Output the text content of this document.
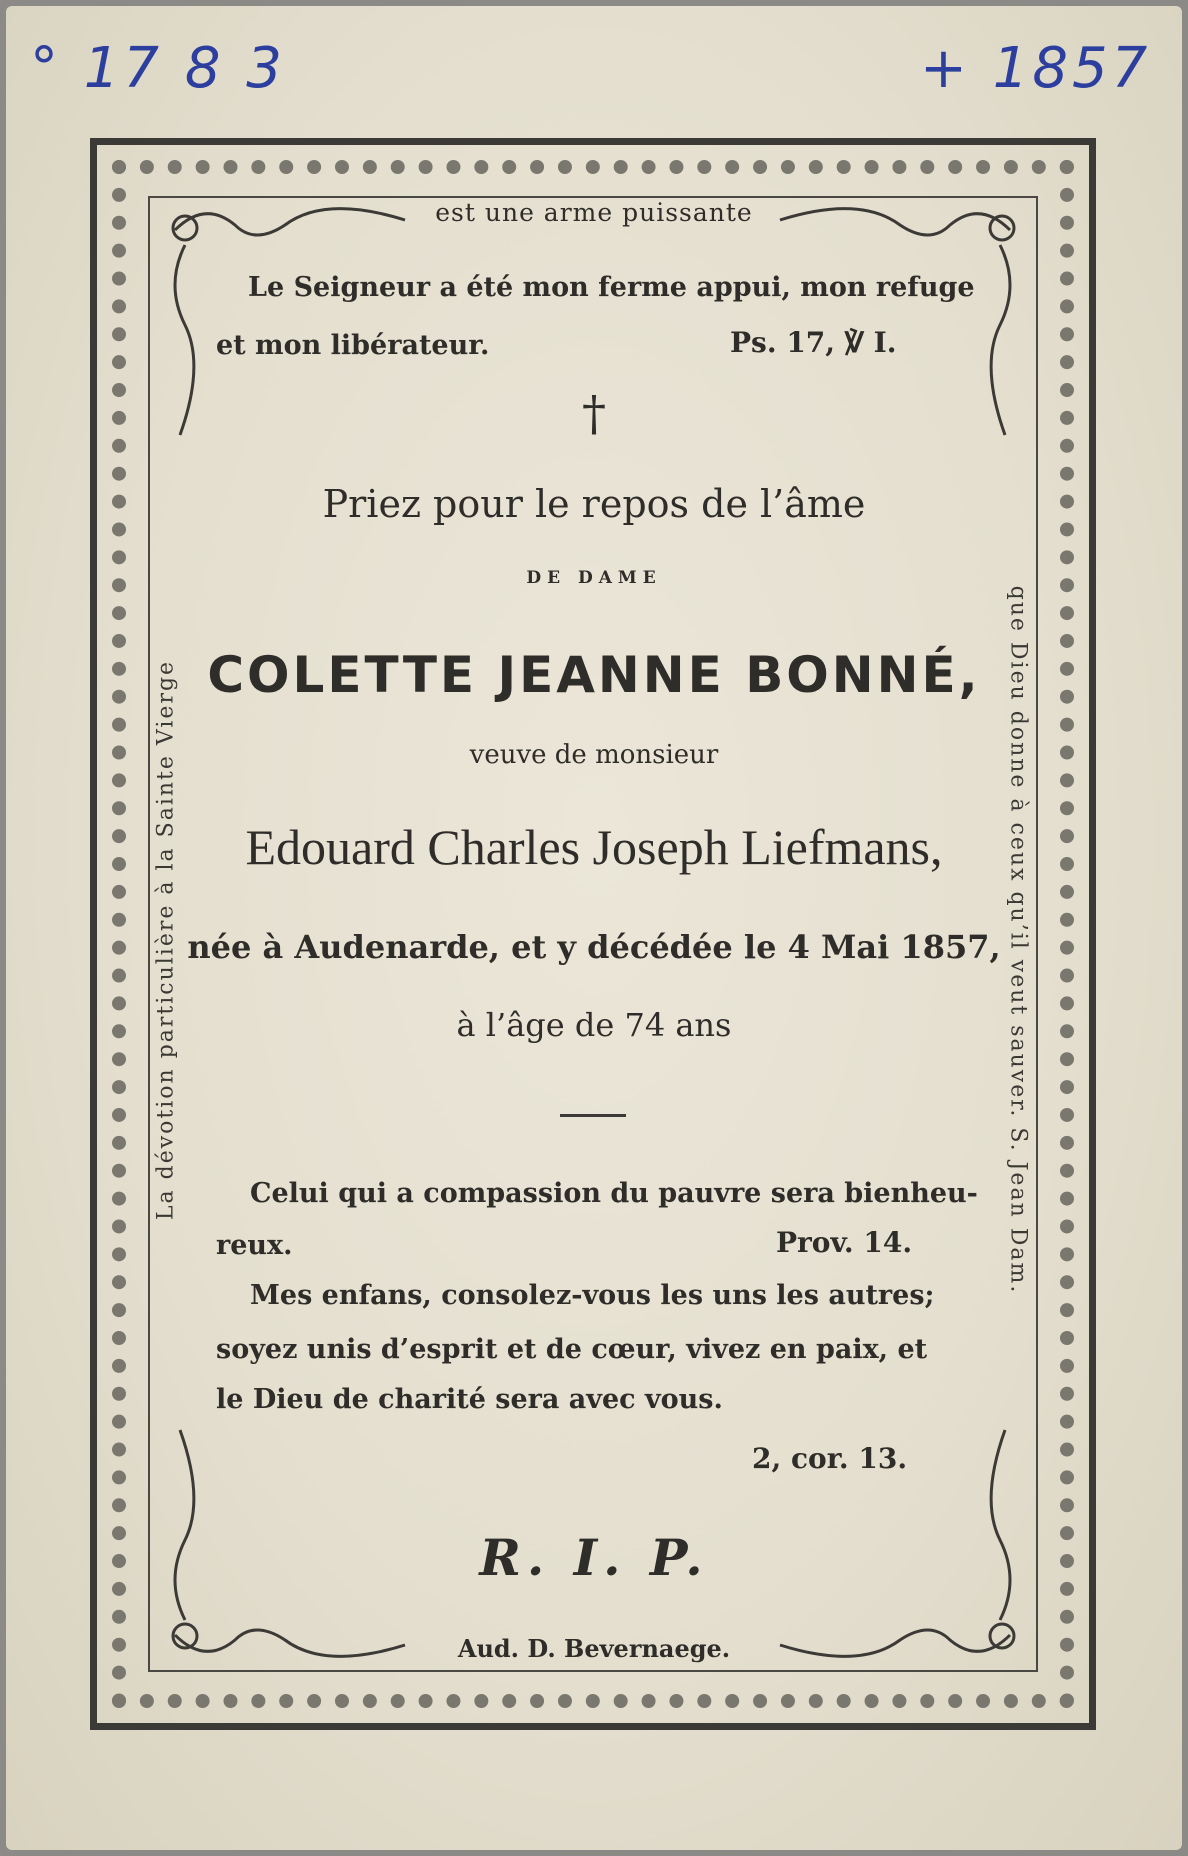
° 17 8 3	+ 1857
est une arme puissante
Le Seigneur a été mon ferme appui, mon refuge
et mon libérateur.	Ps. 17, ℣ I.
†
Priez pour le repos de l’âme
DE DAME
COLETTE JEANNE BONNÉ,
veuve de monsieur
Edouard Charles Joseph Liefmans,
née à Audenarde, et y décédée le 4 Mai 1857,
à l’âge de 74 ans
Celui qui a compassion du pauvre sera bienheu-
reux.	Prov. 14.
Mes enfans, consolez-vous les uns les autres;
soyez unis d’esprit et de cœur, vivez en paix, et
le Dieu de charité sera avec vous.
2, cor. 13.
R. I. P.
Aud. D. Bevernaege.
La dévotion particulière à la Sainte Vierge	que Dieu donne à ceux qu’il veut sauver. S. Jean Dam.
